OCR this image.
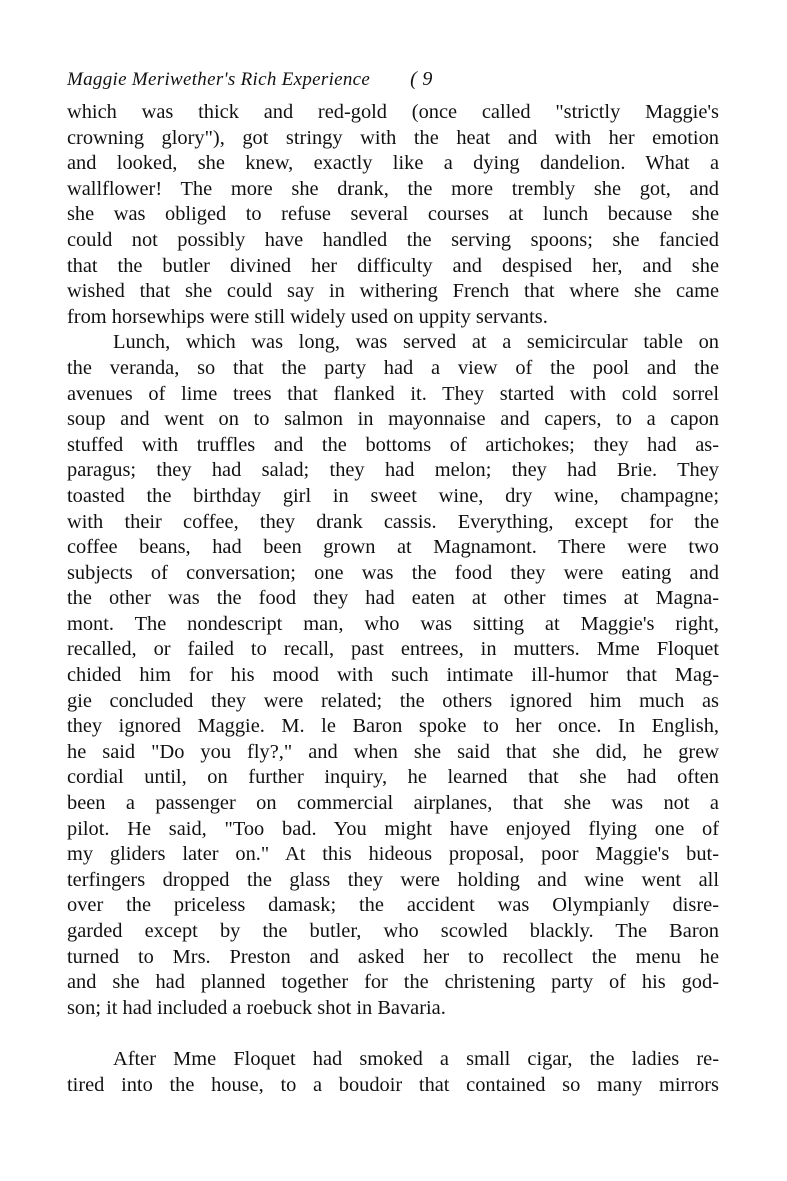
Maggie Meriwether's Rich Experience ( 9
which was thick and red-gold (once called "strictly Maggie's
crowning glory"), got stringy with the heat and with her emotion
and looked, she knew, exactly like a dying dandelion. What a
wallflower! The more she drank, the more trembly she got, and
she was obliged to refuse several courses at lunch because she
could not possibly have handled the serving spoons; she fancied
that the butler divined her difficulty and despised her, and she
wished that she could say in withering French that where she came
from horsewhips were still widely used on uppity servants.
Lunch, which was long, was served at a semicircular table on
the veranda, so that the party had a view of the pool and the
avenues of lime trees that flanked it. They started with cold sorrel
soup and went on to salmon in mayonnaise and capers, to a capon
stuffed with truffles and the bottoms of artichokes; they had as-
paragus; they had salad; they had melon; they had Brie. They
toasted the birthday girl in sweet wine, dry wine, champagne;
with their coffee, they drank cassis. Everything, except for the
coffee beans, had been grown at Magnamont. There were two
subjects of conversation; one was the food they were eating and
the other was the food they had eaten at other times at Magna-
mont. The nondescript man, who was sitting at Maggie's right,
recalled, or failed to recall, past entrees, in mutters. Mme Floquet
chided him for his mood with such intimate ill-humor that Mag-
gie concluded they were related; the others ignored him much as
they ignored Maggie. M. le Baron spoke to her once. In English,
he said "Do you fly?," and when she said that she did, he grew
cordial until, on further inquiry, he learned that she had often
been a passenger on commercial airplanes, that she was not a
pilot. He said, "Too bad. You might have enjoyed flying one of
my gliders later on." At this hideous proposal, poor Maggie's but-
terfingers dropped the glass they were holding and wine went all
over the priceless damask; the accident was Olympianly disre-
garded except by the butler, who scowled blackly. The Baron
turned to Mrs. Preston and asked her to recollect the menu he
and she had planned together for the christening party of his god-
son; it had included a roebuck shot in Bavaria.
After Mme Floquet had smoked a small cigar, the ladies re-
tired into the house, to a boudoir that contained so many mirrors
